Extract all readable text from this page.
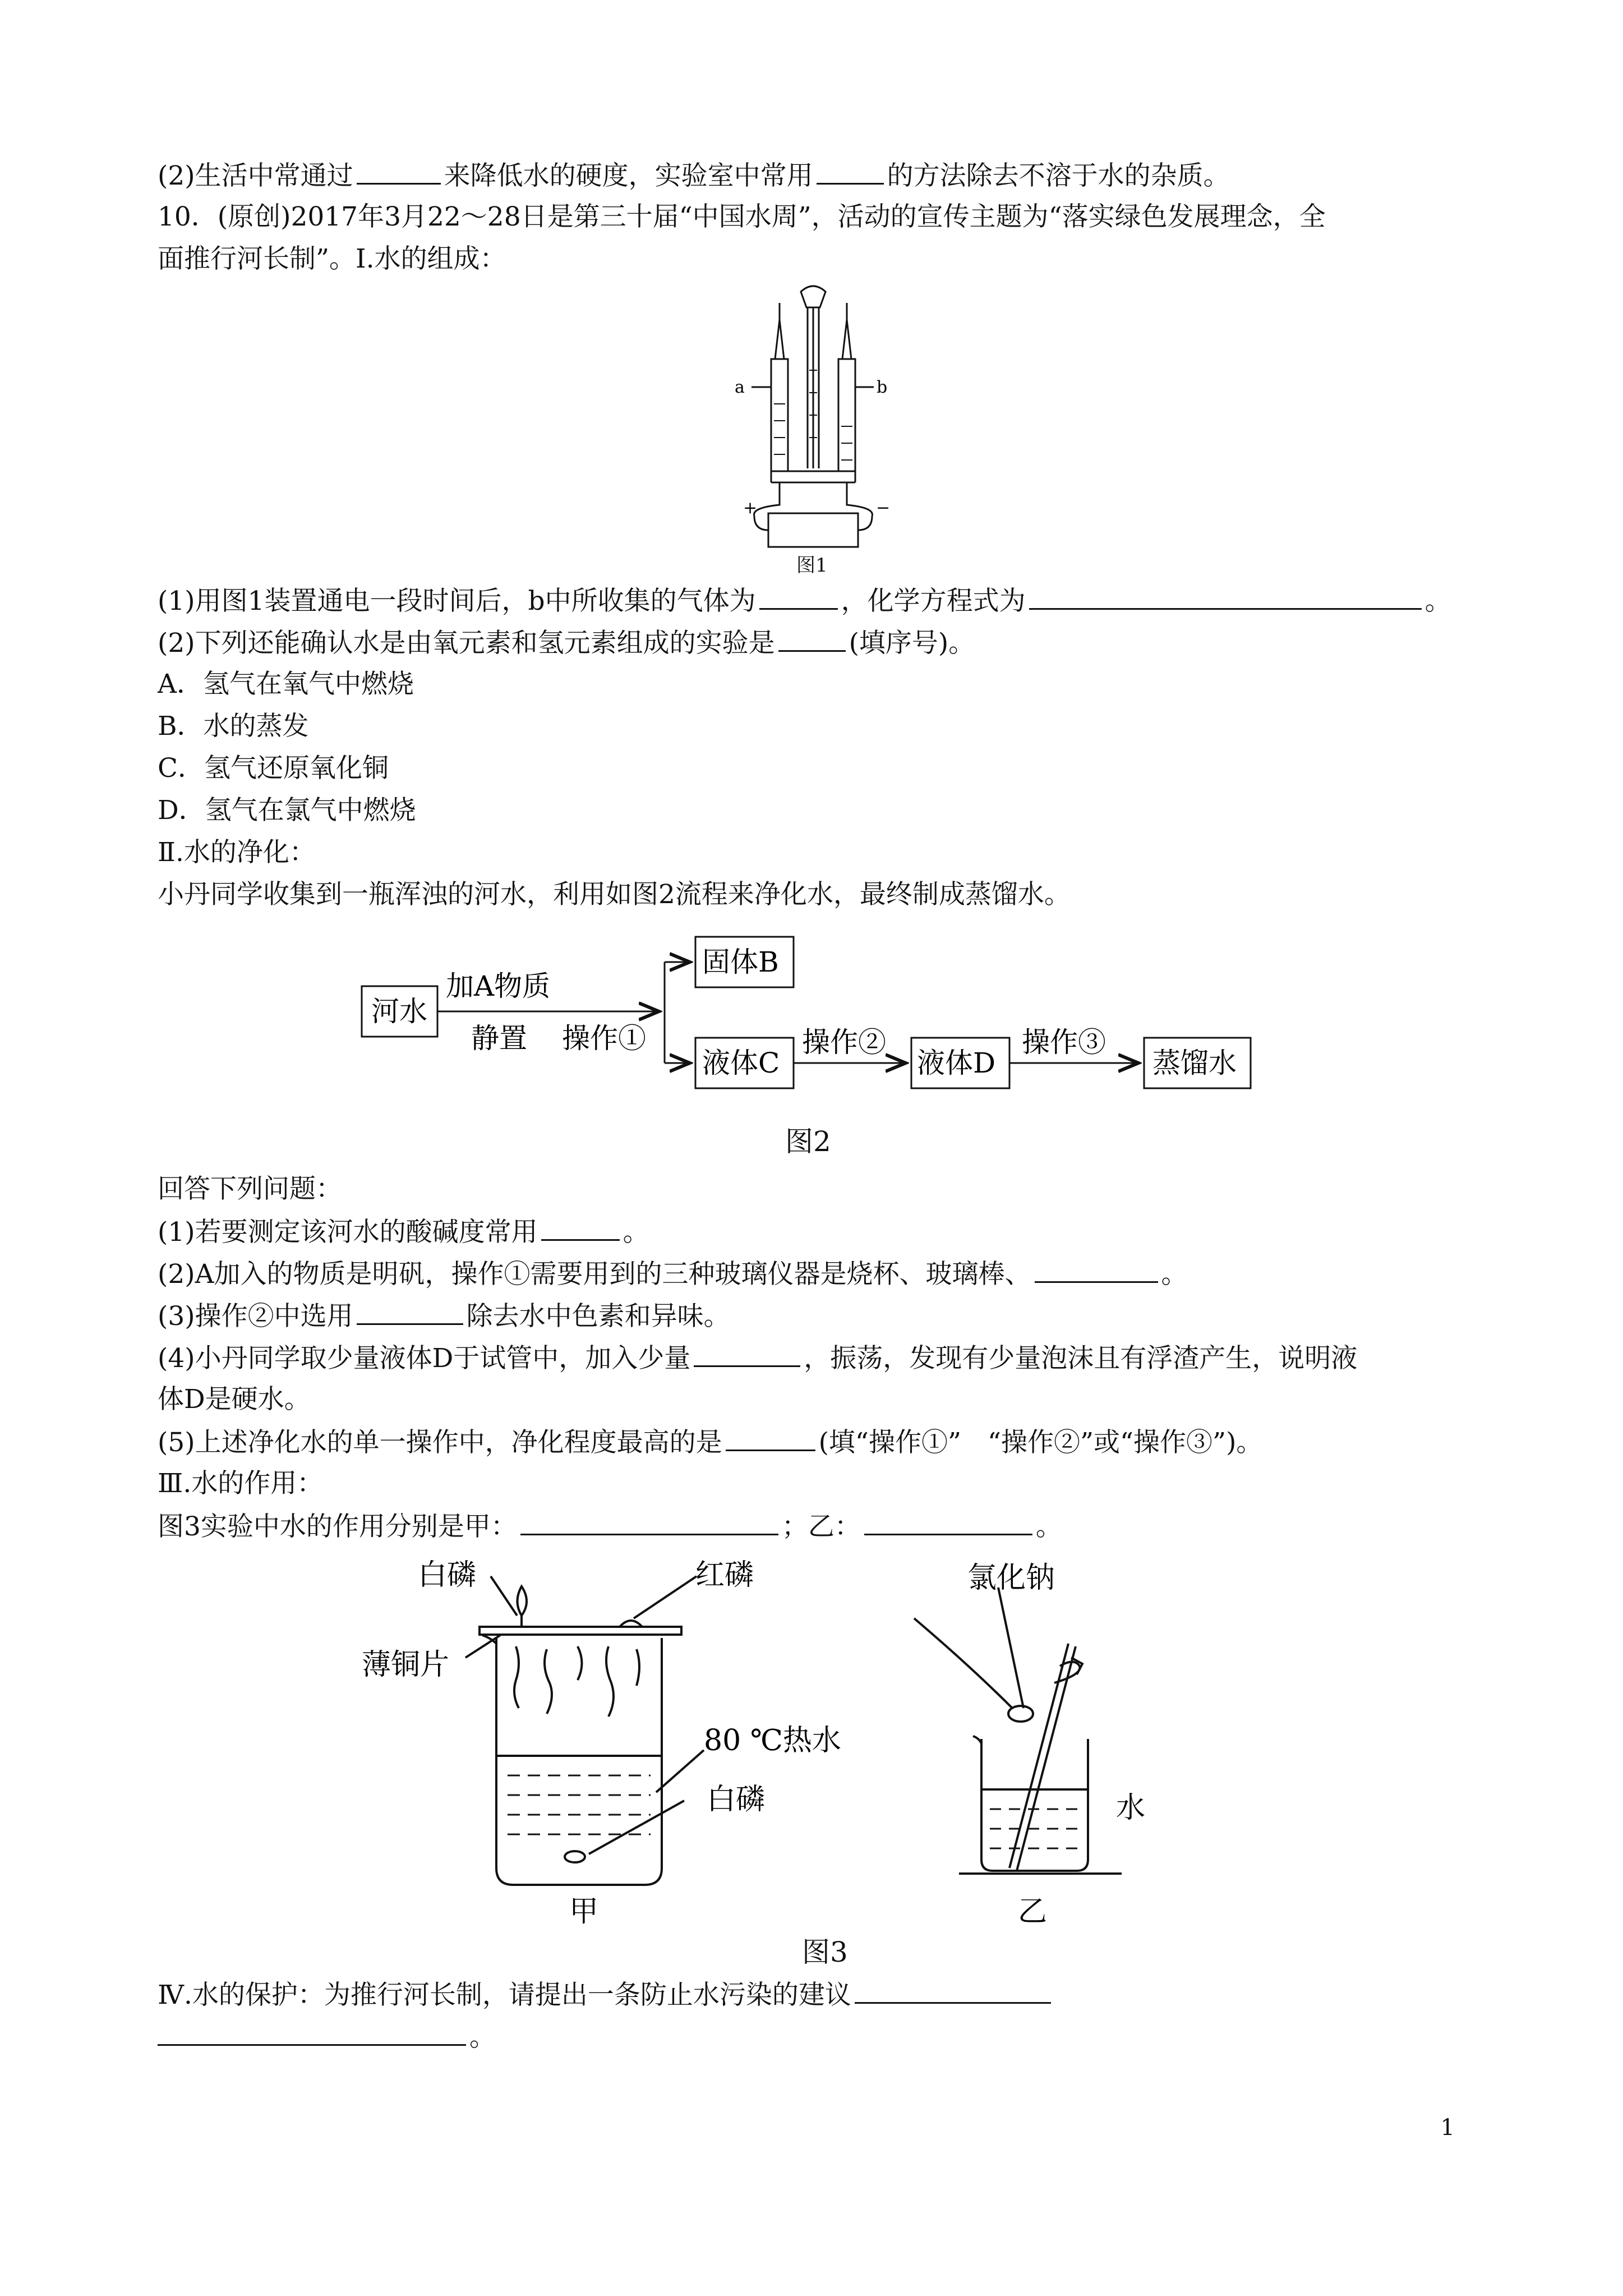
(2)生活中常通过	来降低水的硬度，实验室中常用	的方法除去不溶于水的杂质。
10．(原创)2017年3月22～28日是第三十届“中国水周”，活动的宣传主题为“落实绿色发展理念，全
面推行河长制”。Ⅰ.水的组成：
a	b
+	−
图1
(1)用图1装置通电一段时间后，b中所收集的气体为	，化学方程式为	。
(2)下列还能确认水是由氧元素和氢元素组成的实验是	(填序号)。
A．氢气在氧气中燃烧
B．水的蒸发
C．氢气还原氧化铜
D．氢气在氯气中燃烧
Ⅱ.水的净化：
小丹同学收集到一瓶浑浊的河水，利用如图2流程来净化水，最终制成蒸馏水。
河水
加A物质
静置 操作①
固体B
液体C
操作②
液体D
操作③
蒸馏水
图2
回答下列问题：
(1)若要测定该河水的酸碱度常用	。
(2)A加入的物质是明矾，操作①需要用到的三种玻璃仪器是烧杯、玻璃棒、	。
(3)操作②中选用	除去水中色素和异味。
(4)小丹同学取少量液体D于试管中，加入少量	，振荡，发现有少量泡沫且有浮渣产生，说明液
体D是硬水。
(5)上述净化水的单一操作中，净化程度最高的是	(填“操作①”　“操作②”或“操作③”)。
Ⅲ.水的作用：
图3实验中水的作用分别是甲：	；乙：	。
白磷	红磷
薄铜片
80 ℃热水
白磷
甲
氯化钠
水
乙
图3
Ⅳ.水的保护：为推行河长制，请提出一条防止水污染的建议
。
1
